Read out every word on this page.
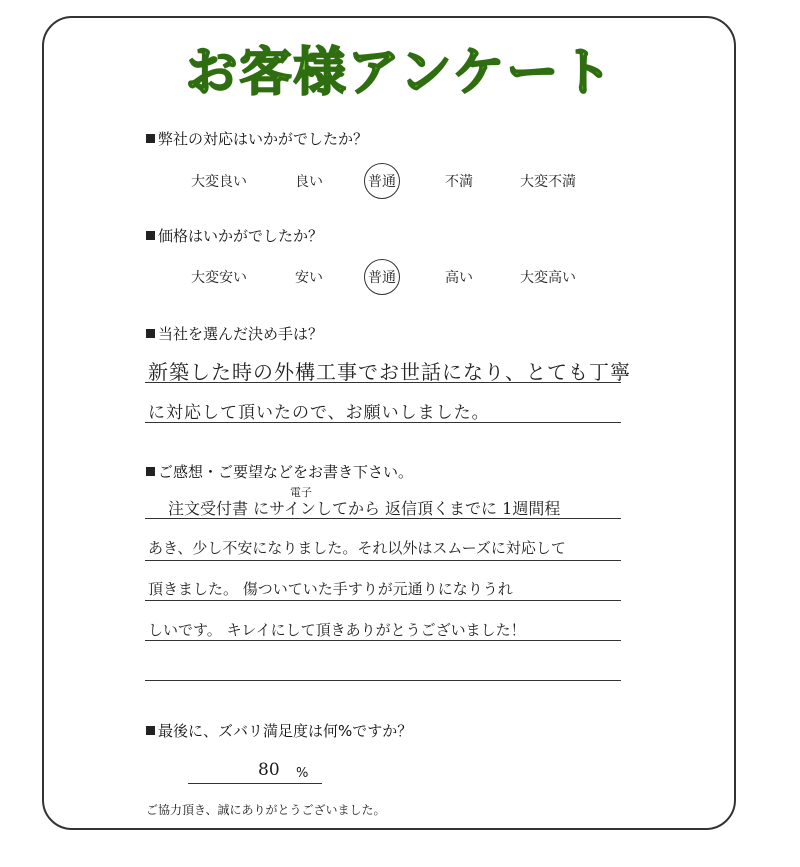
お客様アンケート
弊社の対応はいかがでしたか？
大変良い	良い	普通	不満	大変不満
価格はいかがでしたか？
大変安い	安い	普通	高い	大変高い
当社を選んだ決め手は？
新築した時の外構工事でお世話になり、とても丁寧
に対応して頂いたので、お願いしました。
ご感想・ご要望などをお書き下さい。
電子
注文受付書 にサインしてから 返信頂くまでに 1週間程
あき、少し不安になりました。それ以外はスムーズに対応して
頂きました。 傷ついていた手すりが元通りになりうれ
しいです。 キレイにして頂きありがとうございました！
最後に、ズバリ満足度は何%ですか？
80 %
ご協力頂き、誠にありがとうございました。
